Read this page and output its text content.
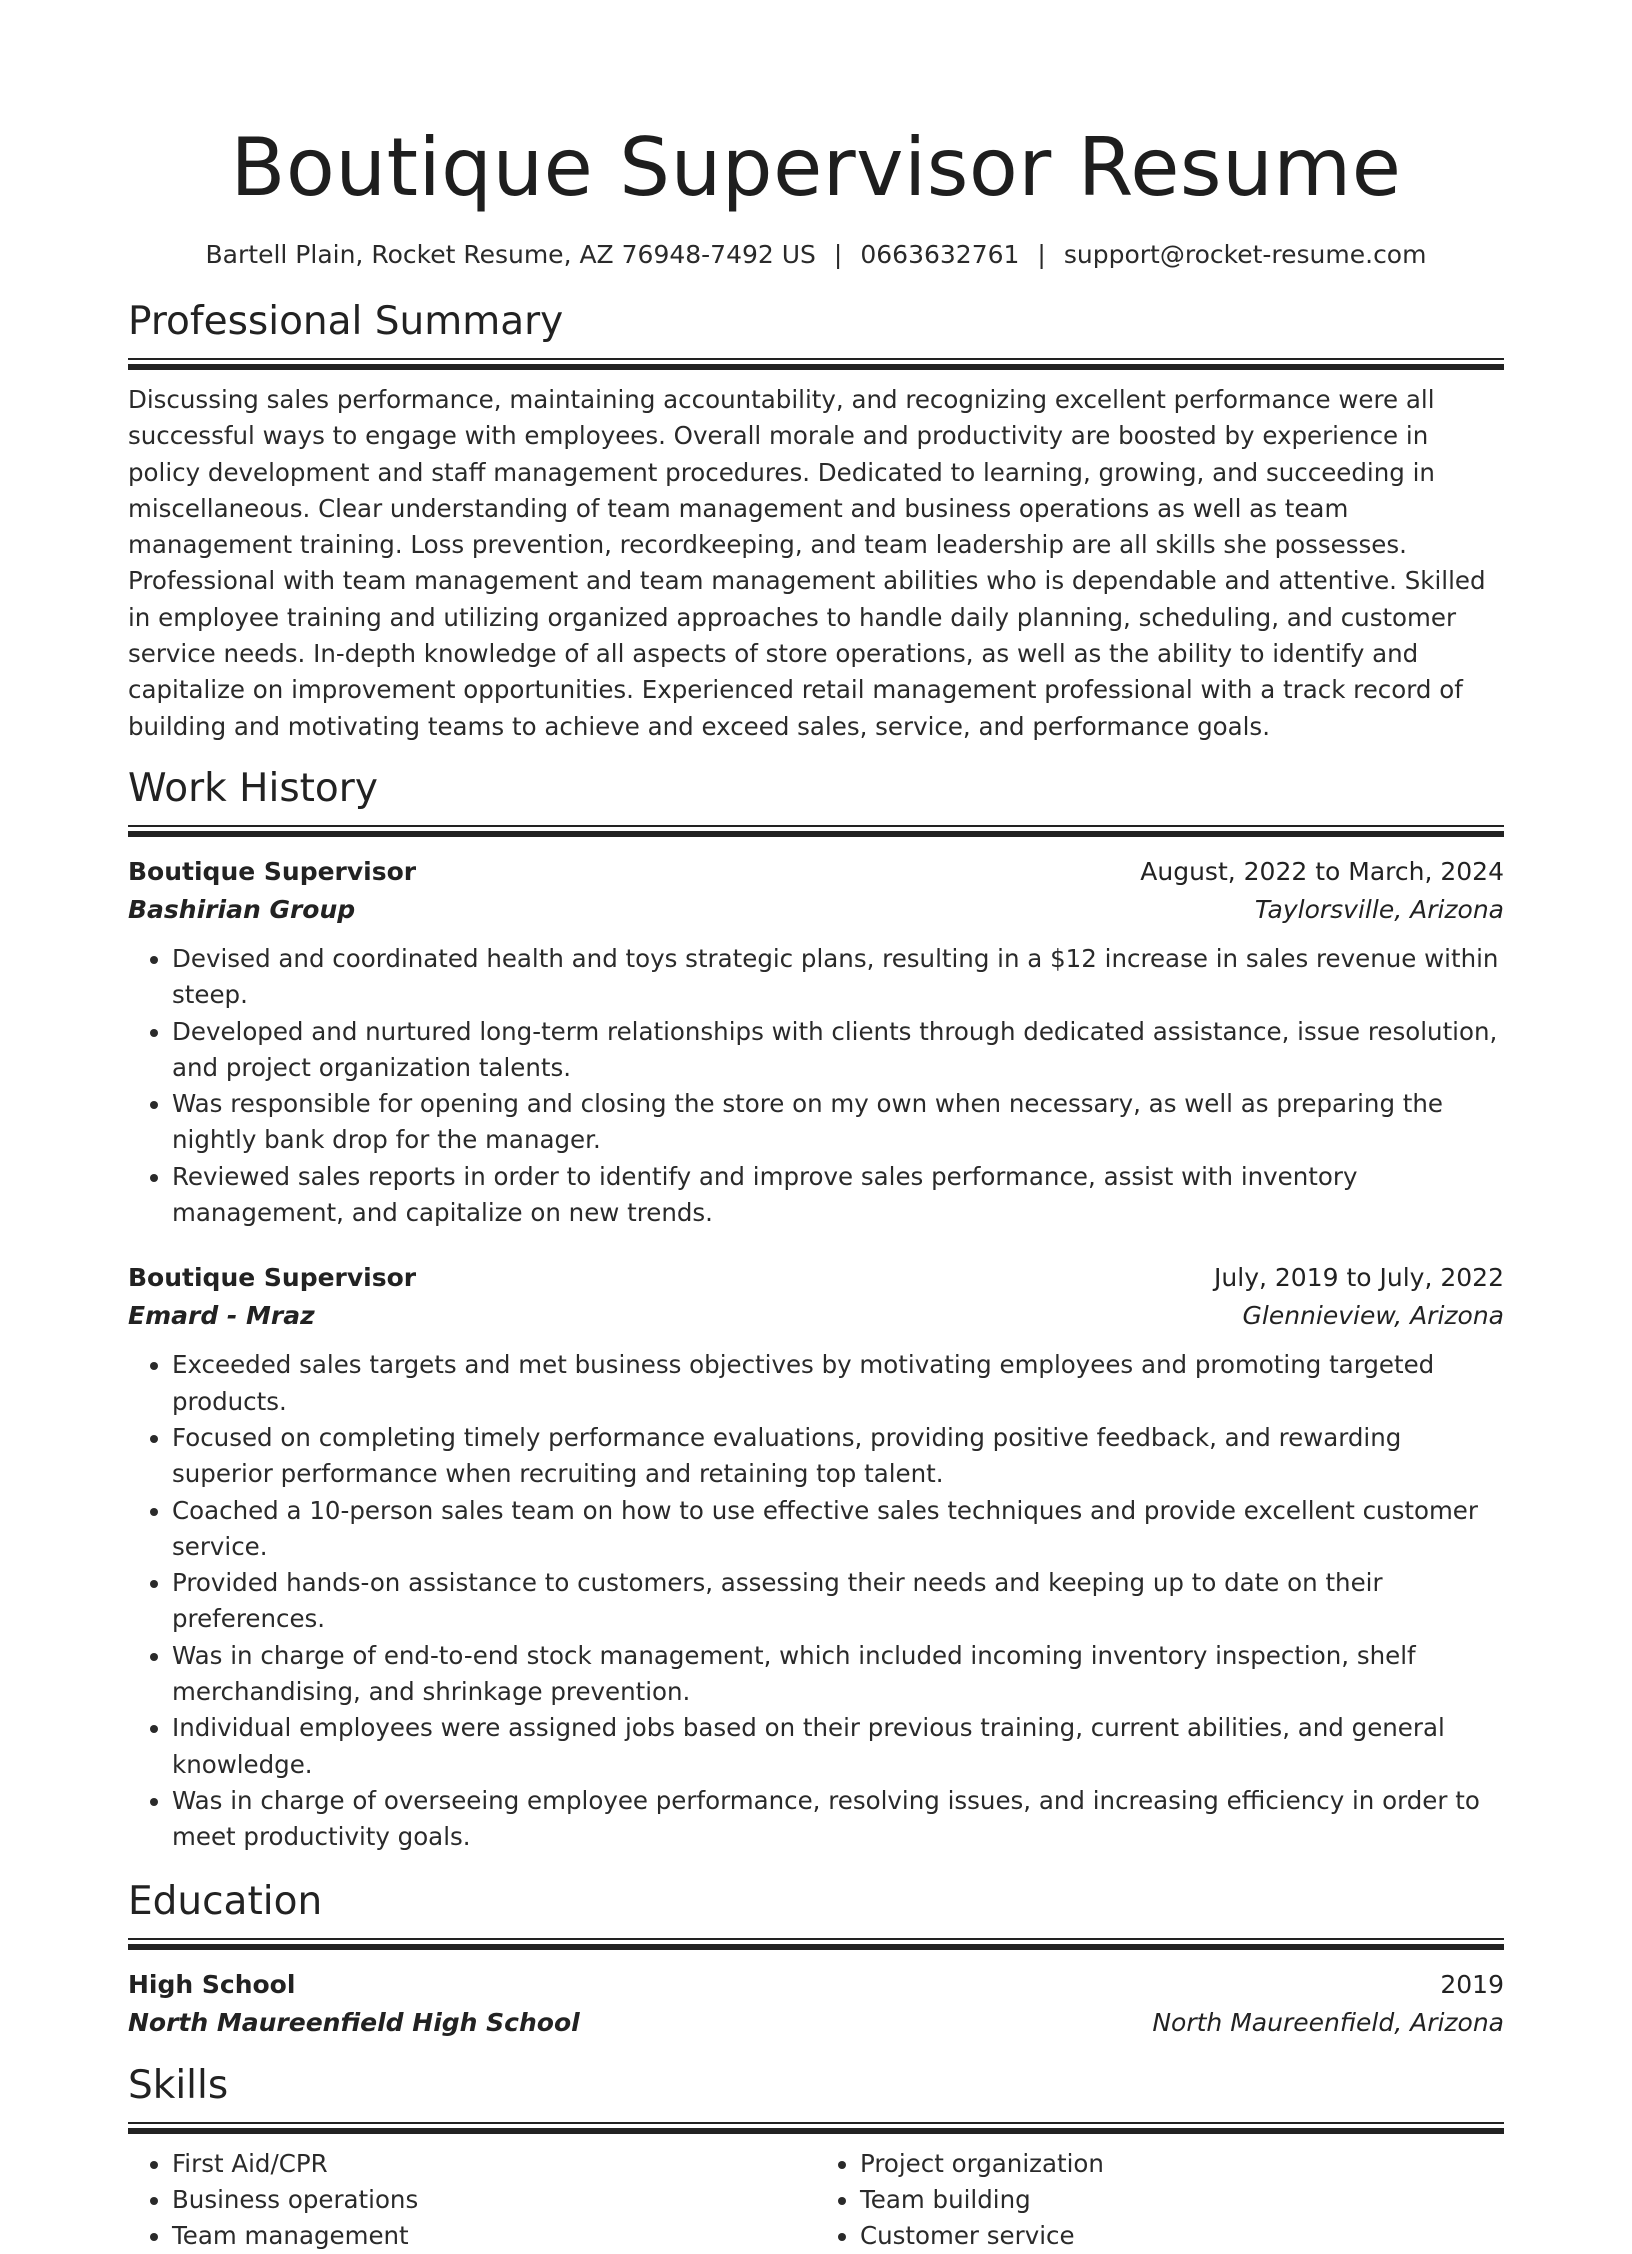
Boutique Supervisor Resume
Bartell Plain, Rocket Resume, AZ 76948-7492 US | 0663632761 | support@rocket-resume.com
Professional Summary
Discussing sales performance, maintaining accountability, and recognizing excellent performance were all successful ways to engage with employees. Overall morale and productivity are boosted by experience in policy development and staff management procedures. Dedicated to learning, growing, and succeeding in miscellaneous. Clear understanding of team management and business operations as well as team management training. Loss prevention, recordkeeping, and team leadership are all skills she possesses. Professional with team management and team management abilities who is dependable and attentive. Skilled in employee training and utilizing organized approaches to handle daily planning, scheduling, and customer service needs. In-depth knowledge of all aspects of store operations, as well as the ability to identify and capitalize on improvement opportunities. Experienced retail management professional with a track record of building and motivating teams to achieve and exceed sales, service, and performance goals.
Work History
Boutique Supervisor	August, 2022 to March, 2024
Bashirian Group	Taylorsville, Arizona
• Devised and coordinated health and toys strategic plans, resulting in a $12 increase in sales revenue within steep.
• Developed and nurtured long-term relationships with clients through dedicated assistance, issue resolution, and project organization talents.
• Was responsible for opening and closing the store on my own when necessary, as well as preparing the nightly bank drop for the manager.
• Reviewed sales reports in order to identify and improve sales performance, assist with inventory management, and capitalize on new trends.
Boutique Supervisor	July, 2019 to July, 2022
Emard - Mraz	Glennieview, Arizona
• Exceeded sales targets and met business objectives by motivating employees and promoting targeted products.
• Focused on completing timely performance evaluations, providing positive feedback, and rewarding superior performance when recruiting and retaining top talent.
• Coached a 10-person sales team on how to use effective sales techniques and provide excellent customer service.
• Provided hands-on assistance to customers, assessing their needs and keeping up to date on their preferences.
• Was in charge of end-to-end stock management, which included incoming inventory inspection, shelf merchandising, and shrinkage prevention.
• Individual employees were assigned jobs based on their previous training, current abilities, and general knowledge.
• Was in charge of overseeing employee performance, resolving issues, and increasing efficiency in order to meet productivity goals.
Education
High School	2019
North Maureenfield High School	North Maureenfield, Arizona
Skills
• First Aid/CPR
• Business operations
• Team management
• Project organization
• Team building
• Customer service
